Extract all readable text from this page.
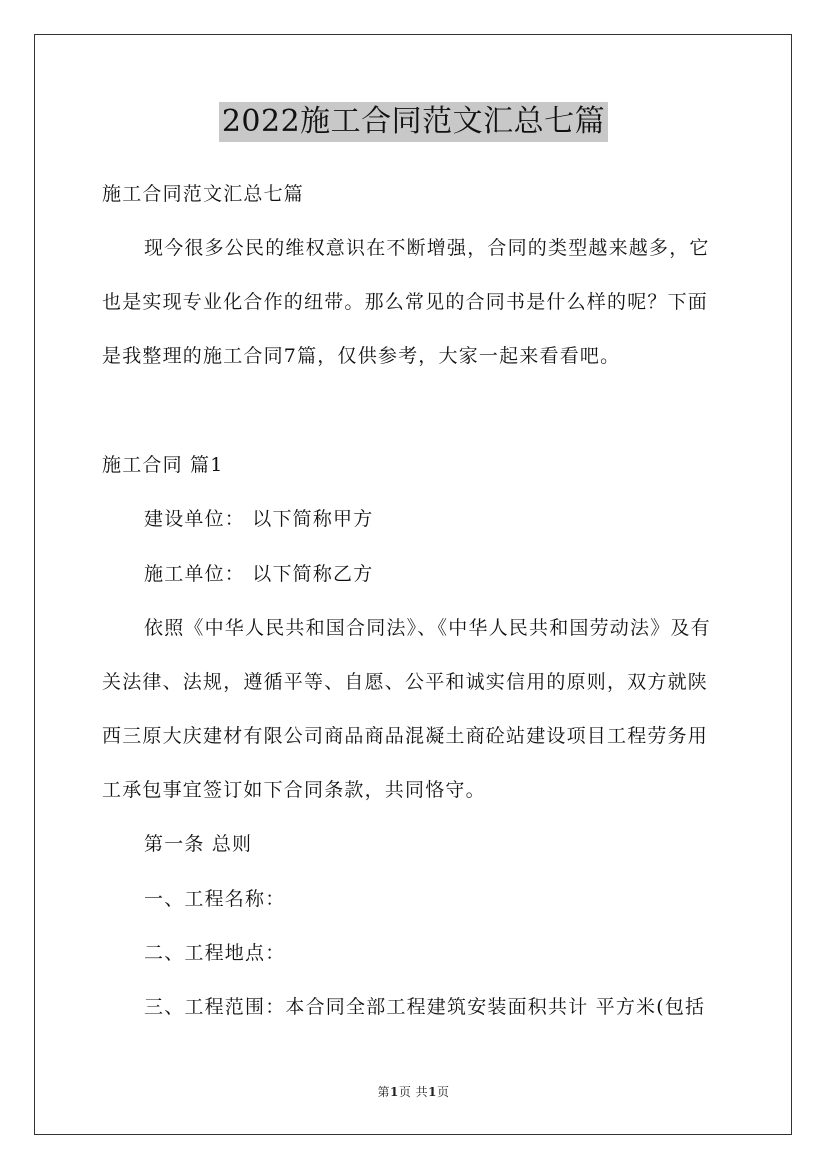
2022施工合同范文汇总七篇
施工合同范文汇总七篇
现今很多公民的维权意识在不断增强，合同的类型越来越多，它
也是实现专业化合作的纽带。那么常见的合同书是什么样的呢？下面
是我整理的施工合同7篇，仅供参考，大家一起来看看吧。
施工合同 篇1
建设单位： 以下简称甲方
施工单位： 以下简称乙方
依照《中华人民共和国合同法》、《中华人民共和国劳动法》及有
关法律、法规，遵循平等、自愿、公平和诚实信用的原则，双方就陕
西三原大庆建材有限公司商品商品混凝土商砼站建设项目工程劳务用
工承包事宜签订如下合同条款，共同恪守。
第一条 总则
一、工程名称：
二、工程地点：
三、工程范围：本合同全部工程建筑安装面积共计 平方米(包括
第1页 共1页
